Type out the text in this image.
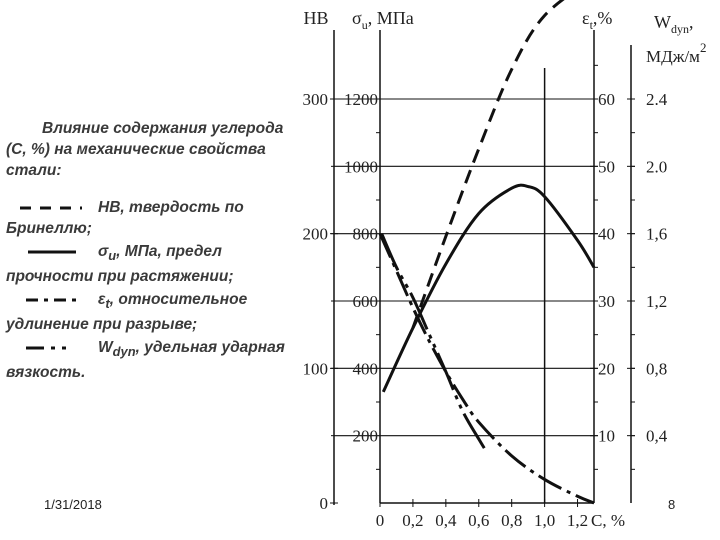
200
400
600
800
1000
1200
0
100
200
300
10
20
30
40
50
60
0,4
0,8
1,2
1,6
2.0
2.4
0 0,2 0,4 0,6 0,8 1,0 1,2 С, %
НВ $\sigma_u$, МПа	$\varepsilon_t,\%$ $W_{dyn}$,
МДж/$м^2$
Влияние содержания углерода (С, %) на механические свойства стали:
НВ, твердость по Бринеллю;
$\sigma_u$, МПа, предел прочности при растяжении;
$\varepsilon_t$, относительное удлинение при разрыве;
$W_{dyn}$, удельная ударная вязкость.
1/31/2018	8
